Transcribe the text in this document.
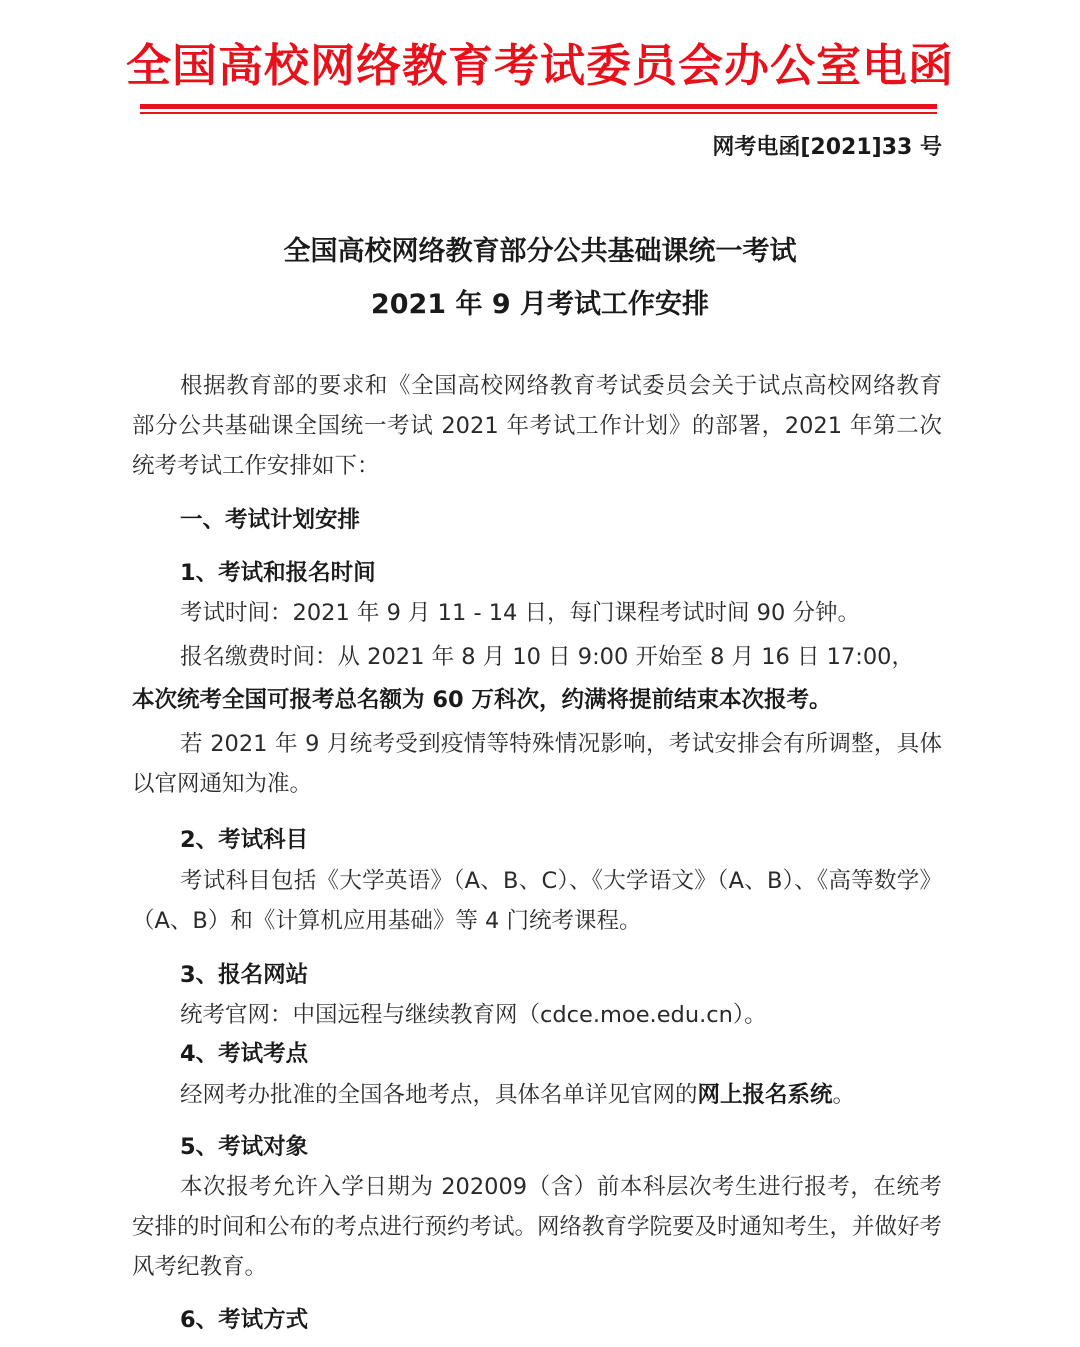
全国高校网络教育考试委员会办公室电函
网考电函[2021]33 号
全国高校网络教育部分公共基础课统一考试
2021 年 9 月考试工作安排
根据教育部的要求和《全国高校网络教育考试委员会关于试点高校网络教育部分公共基础课全国统一考试 2021 年考试工作计划》的部署，2021 年第二次统考考试工作安排如下：
一、考试计划安排
1、考试和报名时间
考试时间：2021 年 9 月 11 - 14 日，每门课程考试时间 90 分钟。
报名缴费时间：从 2021 年 8 月 10 日 9:00 开始至 8 月 16 日 17:00，
本次统考全国可报考总名额为 60 万科次，约满将提前结束本次报考。
若 2021 年 9 月统考受到疫情等特殊情况影响，考试安排会有所调整，具体以官网通知为准。
2、考试科目
考试科目包括《大学英语》（A、B、C）、《大学语文》（A、B）、《高等数学》（A、B）和《计算机应用基础》等 4 门统考课程。
3、报名网站
统考官网：中国远程与继续教育网（cdce.moe.edu.cn）。
4、考试考点
经网考办批准的全国各地考点，具体名单详见官网的网上报名系统。
5、考试对象
本次报考允许入学日期为 202009（含）前本科层次考生进行报考，在统考安排的时间和公布的考点进行预约考试。网络教育学院要及时通知考生，并做好考风考纪教育。
6、考试方式
